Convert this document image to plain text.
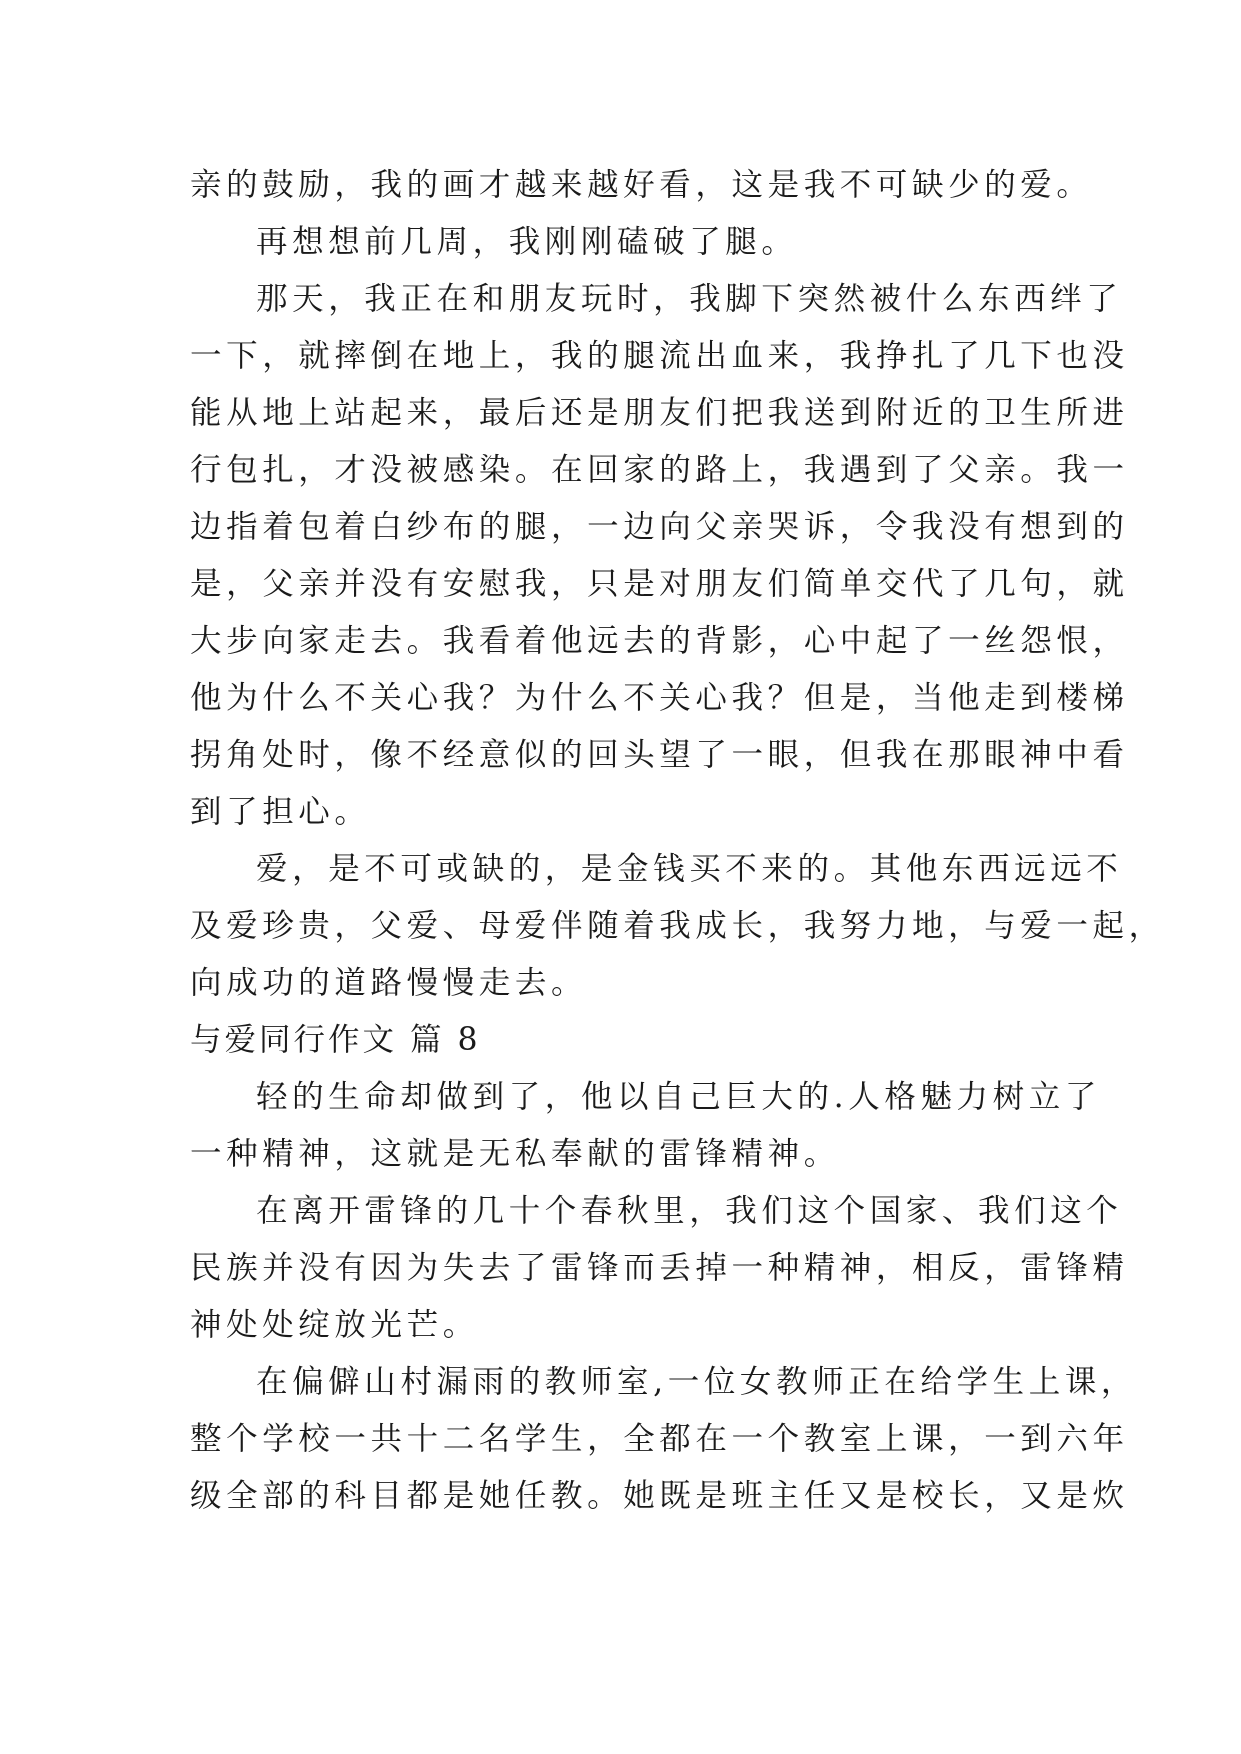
亲的鼓励，我的画才越来越好看，这是我不可缺少的爱。
再想想前几周，我刚刚磕破了腿。
那天，我正在和朋友玩时，我脚下突然被什么东西绊了
一下，就摔倒在地上，我的腿流出血来，我挣扎了几下也没
能从地上站起来，最后还是朋友们把我送到附近的卫生所进
行包扎，才没被感染。在回家的路上，我遇到了父亲。我一
边指着包着白纱布的腿，一边向父亲哭诉，令我没有想到的
是，父亲并没有安慰我，只是对朋友们简单交代了几句，就
大步向家走去。我看着他远去的背影，心中起了一丝怨恨，
他为什么不关心我？为什么不关心我？但是，当他走到楼梯
拐角处时，像不经意似的回头望了一眼，但我在那眼神中看
到了担心。
爱，是不可或缺的，是金钱买不来的。其他东西远远不
及爱珍贵，父爱、母爱伴随着我成长，我努力地，与爱一起，
向成功的道路慢慢走去。
与爱同行作文 篇 8
轻的生命却做到了，他以自己巨大的.人格魅力树立了
一种精神，这就是无私奉献的雷锋精神。
在离开雷锋的几十个春秋里，我们这个国家、我们这个
民族并没有因为失去了雷锋而丢掉一种精神，相反，雷锋精
神处处绽放光芒。
在偏僻山村漏雨的教师室,一位女教师正在给学生上课，
整个学校一共十二名学生，全都在一个教室上课，一到六年
级全部的科目都是她任教。她既是班主任又是校长，又是炊
